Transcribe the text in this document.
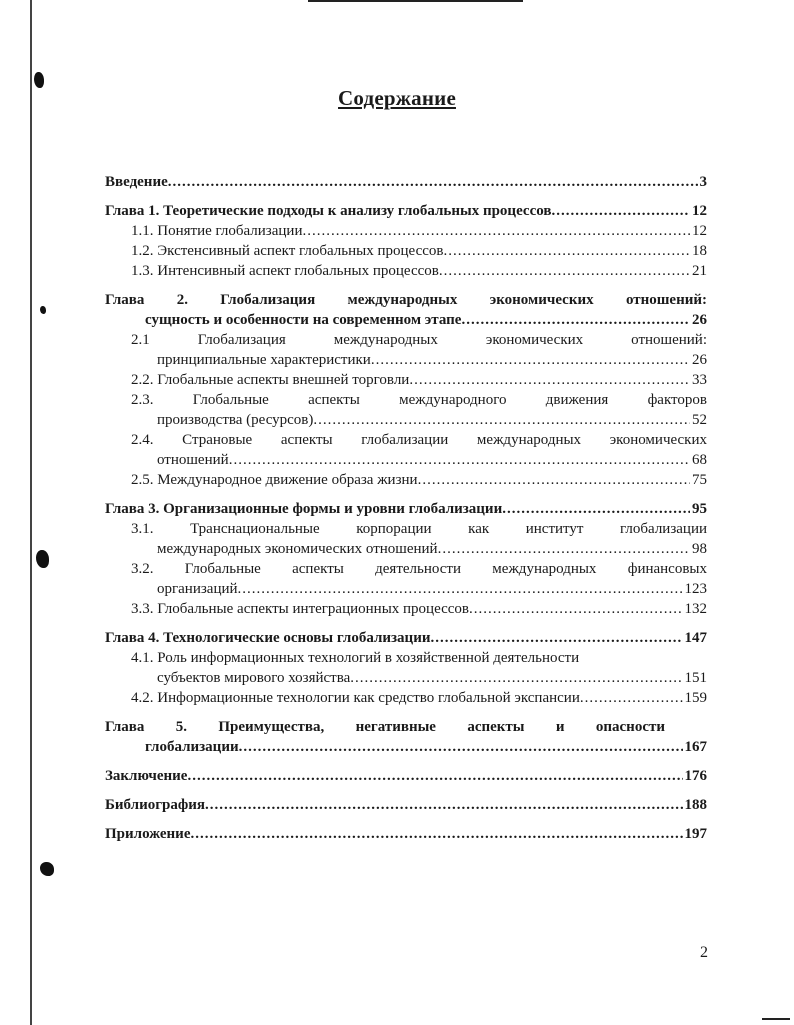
Содержание
Введение .....	3
Глава 1. Теоретические подходы к анализу глобальных процессов .....	12
1.1. Понятие глобализации .....	12
1.2. Экстенсивный аспект глобальных процессов .....	18
1.3. Интенсивный аспект глобальных процессов .....	21
Глава 2. Глобализация международных экономических отношений:
сущность и особенности на современном этапе .....	26
2.1 Глобализация международных экономических отношений:
принципиальные характеристики .....	26
2.2. Глобальные аспекты внешней торговли .....	33
2.3. Глобальные аспекты международного движения факторов
производства (ресурсов) .....	52
2.4. Страновые аспекты глобализации международных экономических
отношений .....	68
2.5. Международное движение образа жизни .....	75
Глава 3. Организационные формы и уровни глобализации .....	95
3.1. Транснациональные корпорации как институт глобализации
международных экономических отношений .....	98
3.2. Глобальные аспекты деятельности международных финансовых
организаций .....	123
3.3. Глобальные аспекты интеграционных процессов .....	132
Глава 4. Технологические основы глобализации .....	147
4.1. Роль информационных технологий в хозяйственной деятельности
субъектов мирового хозяйства .....	151
4.2. Информационные технологии как средство глобальной экспансии .....	159
Глава 5. Преимущества, негативные аспекты и опасности
глобализации .....	167
Заключение .....	176
Библиография .....	188
Приложение .....	197
2
